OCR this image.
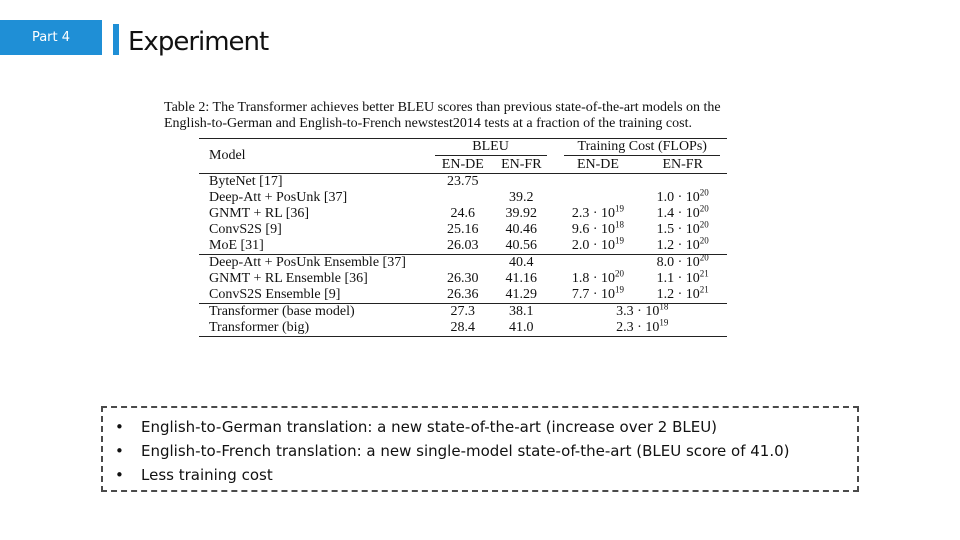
Part 4	Experiment
Table 2: The Transformer achieves better BLEU scores than previous state-of-the-art models on the English-to-German and English-to-French newstest2014 tests at a fraction of the training cost.
Model	BLEU			Training Cost (FLOPs)	
	EN-DE	EN-FR		EN-DE	EN-FR
ByteNet [17]	23.75				
Deep-Att + PosUnk [37]		39.2			$1.0 \cdot 10^{20}$
GNMT + RL [36]	24.6	39.92		$2.3 \cdot 10^{19}$	$1.4 \cdot 10^{20}$
ConvS2S [9]	25.16	40.46		$9.6 \cdot 10^{18}$	$1.5 \cdot 10^{20}$
MoE [31]	26.03	40.56		$2.0 \cdot 10^{19}$	$1.2 \cdot 10^{20}$
Deep-Att + PosUnk Ensemble [37]		40.4			$8.0 \cdot 10^{20}$
GNMT + RL Ensemble [36]	26.30	41.16		$1.8 \cdot 10^{20}$	$1.1 \cdot 10^{21}$
ConvS2S Ensemble [9]	26.36	41.29		$7.7 \cdot 10^{19}$	$1.2 \cdot 10^{21}$
Transformer (base model)	27.3	38.1		$3.3 \cdot 10^{18}$
Transformer (big)	28.4	41.0		$2.3 \cdot 10^{19}$
•	English-to-German translation: a new state-of-the-art (increase over 2 BLEU)
•	English-to-French translation: a new single-model state-of-the-art (BLEU score of 41.0)
•	Less training cost
